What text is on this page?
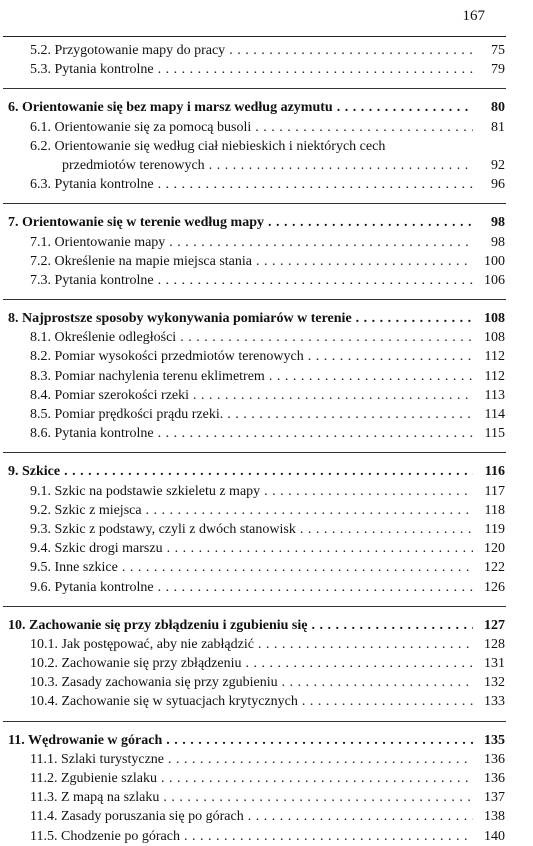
167
5.2. Przygotowanie mapy do pracy . . .	75
5.3. Pytania kontrolne . . .	79
6. Orientowanie się bez mapy i marsz według azymutu . . .	80
6.1. Orientowanie się za pomocą busoli . . .	81
6.2. Orientowanie się według ciał niebieskich i niektórych cech
przedmiotów terenowych . . .	92
6.3. Pytania kontrolne . . .	96
7. Orientowanie się w terenie według mapy . . .	98
7.1. Orientowanie mapy . . .	98
7.2. Określenie na mapie miejsca stania . . .	100
7.3. Pytania kontrolne . . .	106
8. Najprostsze sposoby wykonywania pomiarów w terenie . . .	108
8.1. Określenie odległości . . .	108
8.2. Pomiar wysokości przedmiotów terenowych . . .	112
8.3. Pomiar nachylenia terenu eklimetrem . . .	112
8.4. Pomiar szerokości rzeki . . .	113
8.5. Pomiar prędkości prądu rzeki. . . .	114
8.6. Pytania kontrolne . . .	115
9. Szkice . . .	116
9.1. Szkic na podstawie szkieletu z mapy . . .	117
9.2. Szkic z miejsca . . .	118
9.3. Szkic z podstawy, czyli z dwóch stanowisk . . .	119
9.4. Szkic drogi marszu . . .	120
9.5. Inne szkice . . .	122
9.6. Pytania kontrolne . . .	126
10. Zachowanie się przy zbłądzeniu i zgubieniu się . . .	127
10.1. Jak postępować, aby nie zabłądzić . . .	128
10.2. Zachowanie się przy zbłądzeniu . . .	131
10.3. Zasady zachowania się przy zgubieniu . . .	132
10.4. Zachowanie się w sytuacjach krytycznych . . .	133
11. Wędrowanie w górach . . .	135
11.1. Szlaki turystyczne . . .	136
11.2. Zgubienie szlaku . . .	136
11.3. Z mapą na szlaku . . .	137
11.4. Zasady poruszania się po górach . . .	138
11.5. Chodzenie po górach . . .	140
